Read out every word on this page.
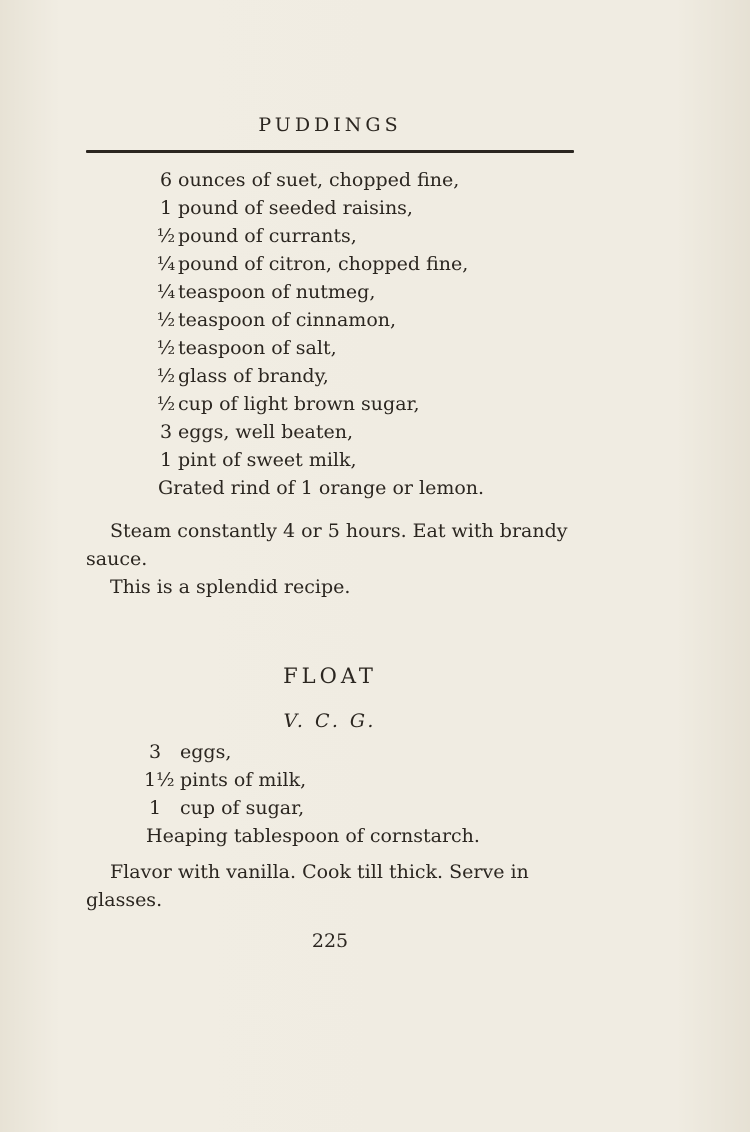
PUDDINGS
6 ounces of suet, chopped fine,
1 pound of seeded raisins,
½ pound of currants,
¼ pound of citron, chopped fine,
¼ teaspoon of nutmeg,
½ teaspoon of cinnamon,
½ teaspoon of salt,
½ glass of brandy,
½ cup of light brown sugar,
3 eggs, well beaten,
1 pint of sweet milk,
Grated rind of 1 orange or lemon.
Steam constantly 4 or 5 hours. Eat with brandy
sauce.
This is a splendid recipe.
FLOAT
V. C. G.
3 eggs,
1½ pints of milk,
1 cup of sugar,
Heaping tablespoon of cornstarch.
Flavor with vanilla. Cook till thick. Serve in
glasses.
225
